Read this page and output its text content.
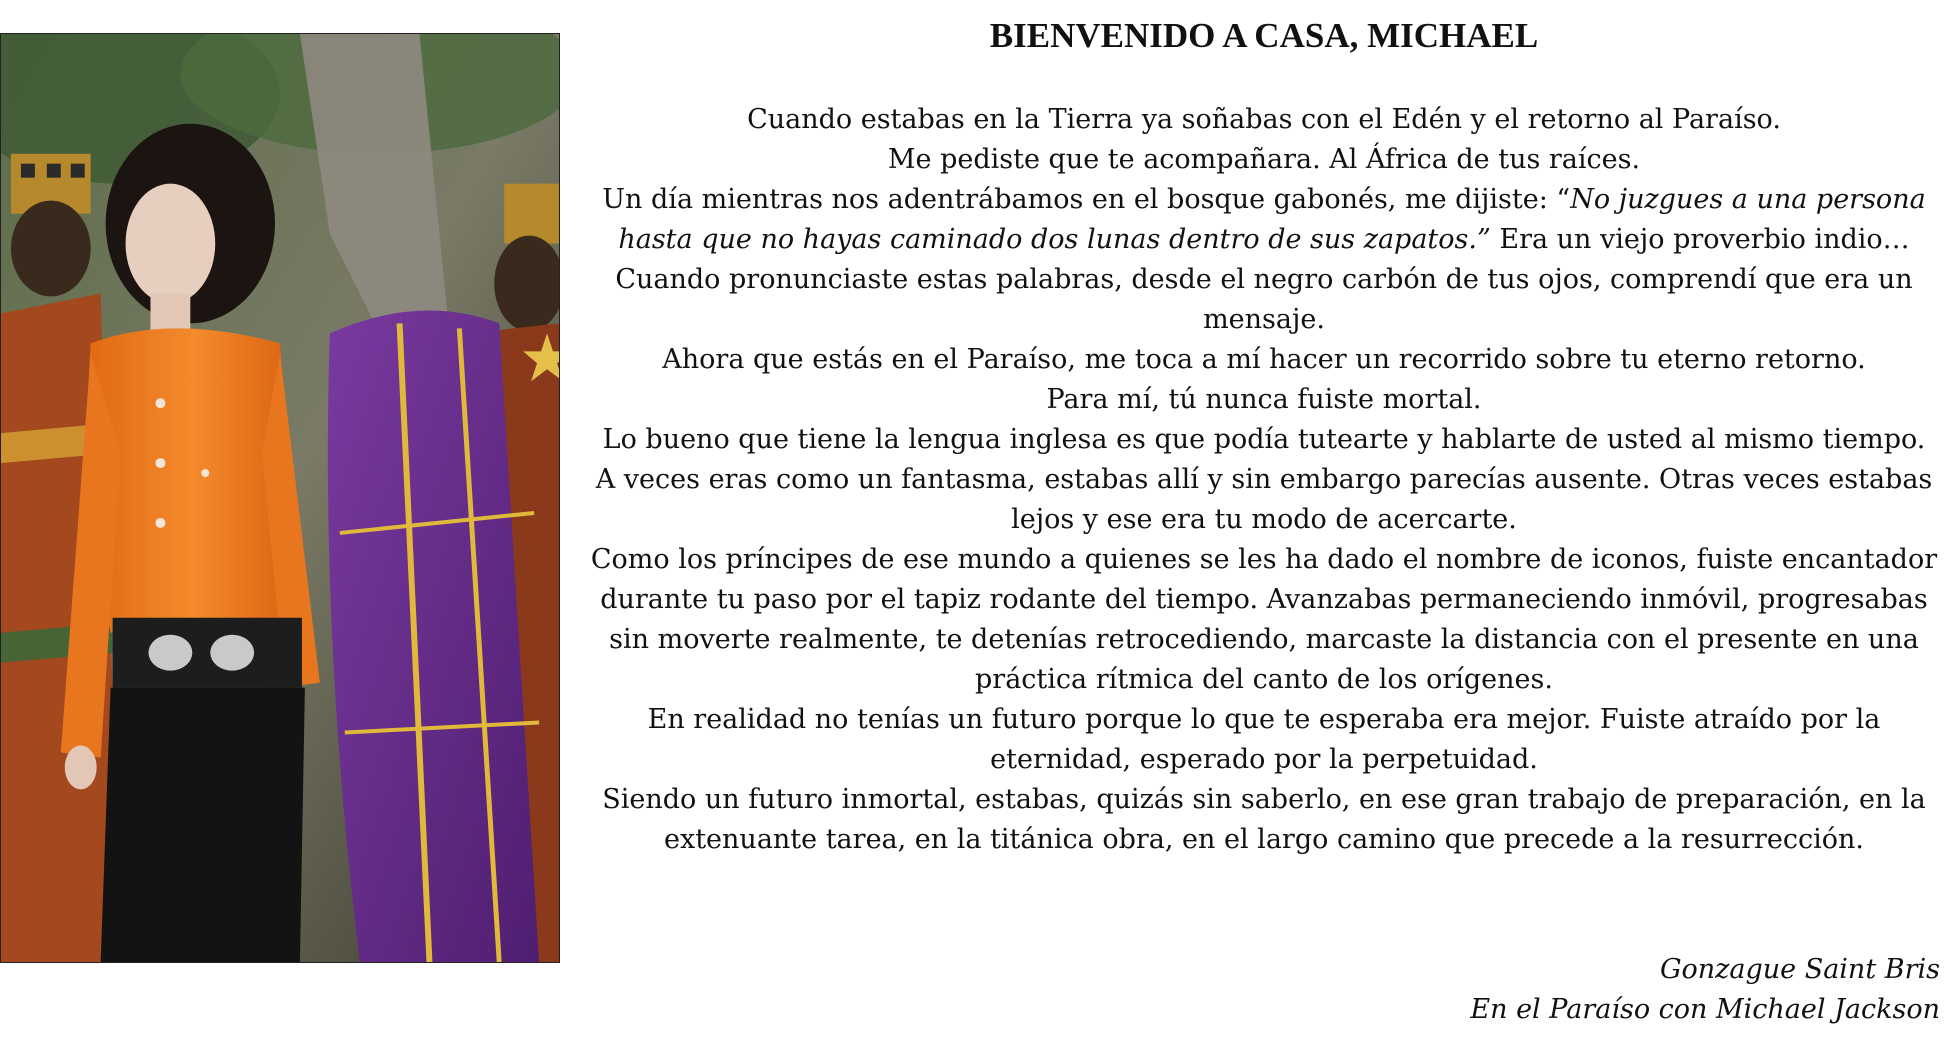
BIENVENIDO A CASA, MICHAEL

Cuando estabas en la Tierra ya soñabas con el Edén y el retorno al Paraíso.

Me pediste que te acompañara. Al África de tus raíces.

Un día mientras nos adentrábamos en el bosque gabonés, me dijiste: “No juzgues a una persona hasta que no hayas caminado dos lunas dentro de sus zapatos.” Era un viejo proverbio indio… Cuando pronunciaste estas palabras, desde el negro carbón de tus ojos, comprendí que era un mensaje.

Ahora que estás en el Paraíso, me toca a mí hacer un recorrido sobre tu eterno retorno.

Para mí, tú nunca fuiste mortal.

Lo bueno que tiene la lengua inglesa es que podía tutearte y hablarte de usted al mismo tiempo.

A veces eras como un fantasma, estabas allí y sin embargo parecías ausente. Otras veces estabas lejos y ese era tu modo de acercarte.

Como los príncipes de ese mundo a quienes se les ha dado el nombre de iconos, fuiste encantador durante tu paso por el tapiz rodante del tiempo. Avanzabas permaneciendo inmóvil, progresabas sin moverte realmente, te detenías retrocediendo, marcaste la distancia con el presente en una práctica rítmica del canto de los orígenes.

En realidad no tenías un futuro porque lo que te esperaba era mejor. Fuiste atraído por la eternidad, esperado por la perpetuidad.

Siendo un futuro inmortal, estabas, quizás sin saberlo, en ese gran trabajo de preparación, en la extenuante tarea, en la titánica obra, en el largo camino que precede a la resurrección.

Gonzague Saint Bris
En el Paraíso con Michael Jackson
